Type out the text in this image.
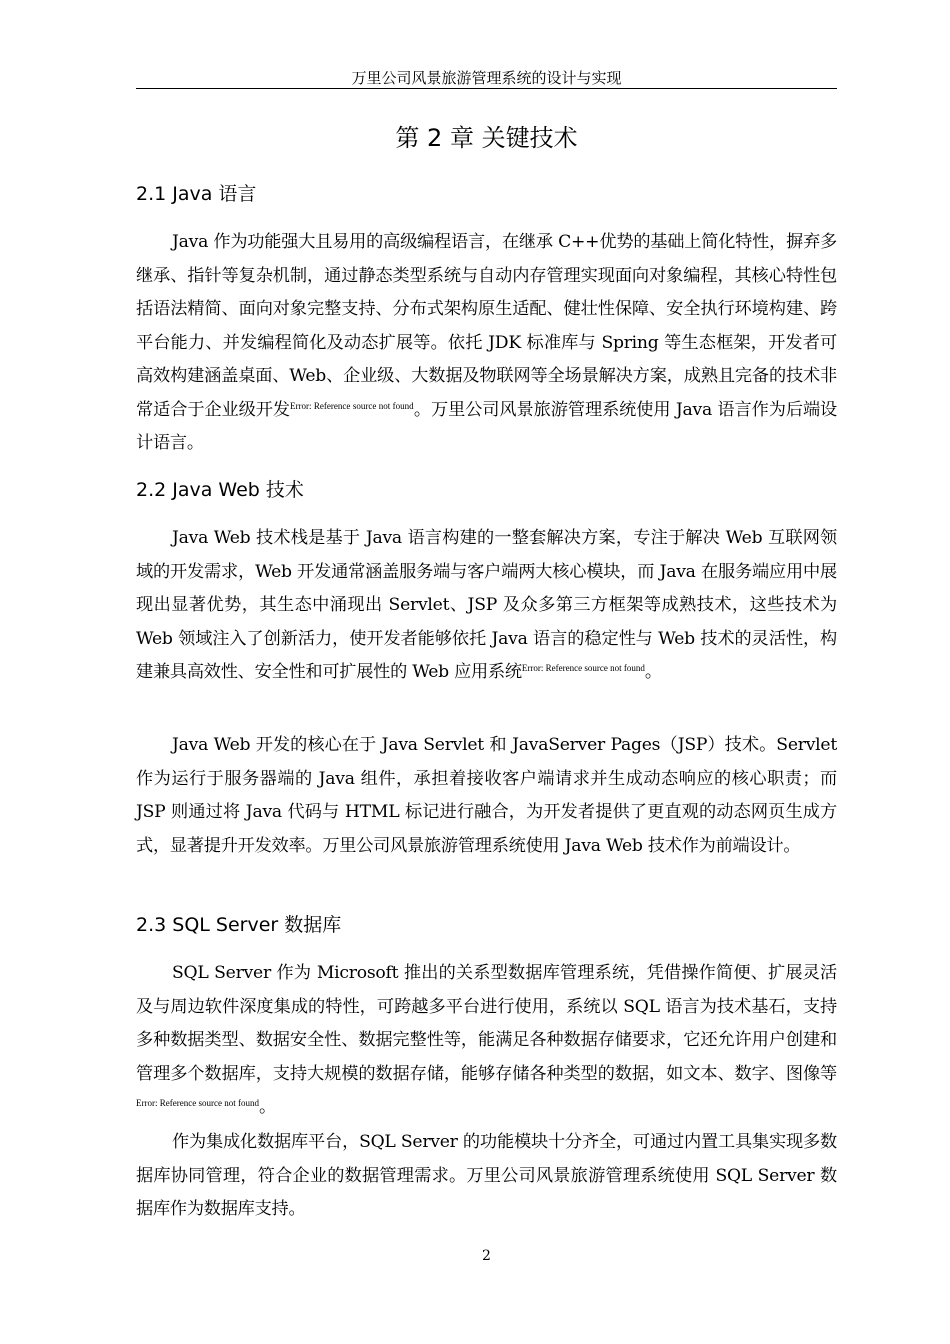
万里公司风景旅游管理系统的设计与实现
第 2 章 关键技术
2.1 Java 语言

Java 作为功能强大且易用的高级编程语言，在继承 C++优势的基础上简化特性，摒弃多继承、指针等复杂机制，通过静态类型系统与自动内存管理实现面向对象编程，其核心特性包括语法精简、面向对象完整支持、分布式架构原生适配、健壮性保障、安全执行环境构建、跨平台能力、并发编程简化及动态扩展等。依托 JDK 标准库与 Spring 等生态框架，开发者可高效构建涵盖桌面、Web、企业级、大数据及物联网等全场景解决方案，成熟且完备的技术非常适合于企业级开发$^{Error: Reference source not found}$。万里公司风景旅游管理系统使用 Java 语言作为后端设计语言。

2.2 Java Web 技术

Java Web 技术栈是基于 Java 语言构建的一整套解决方案，专注于解决 Web 互联网领域的开发需求，Web 开发通常涵盖服务端与客户端两大核心模块，而 Java 在服务端应用中展现出显著优势，其生态中涌现出 Servlet、JSP 及众多第三方框架等成熟技术，这些技术为 Web 领域注入了创新活力，使开发者能够依托 Java 语言的稳定性与 Web 技术的灵活性，构建兼具高效性、安全性和可扩展性的 Web 应用系统$^{Error: Reference source not found}$。

Java Web 开发的核心在于 Java Servlet 和 JavaServer Pages（JSP）技术。Servlet 作为运行于服务器端的 Java 组件，承担着接收客户端请求并生成动态响应的核心职责；而 JSP 则通过将 Java 代码与 HTML 标记进行融合，为开发者提供了更直观的动态网页生成方式，显著提升开发效率。万里公司风景旅游管理系统使用 Java Web 技术作为前端设计。

2.3 SQL Server 数据库

SQL Server 作为 Microsoft 推出的关系型数据库管理系统，凭借操作简便、扩展灵活及与周边软件深度集成的特性，可跨越多平台进行使用，系统以 SQL 语言为技术基石，支持多种数据类型、数据安全性、数据完整性等，能满足各种数据存储要求，它还允许用户创建和管理多个数据库，支持大规模的数据存储，能够存储各种类型的数据，如文本、数字、图像等$^{Error: Reference source not found}$。

作为集成化数据库平台，SQL Server 的功能模块十分齐全，可通过内置工具集实现多数据库协同管理，符合企业的数据管理需求。万里公司风景旅游管理系统使用 SQL Server 数据库作为数据库支持。

2
